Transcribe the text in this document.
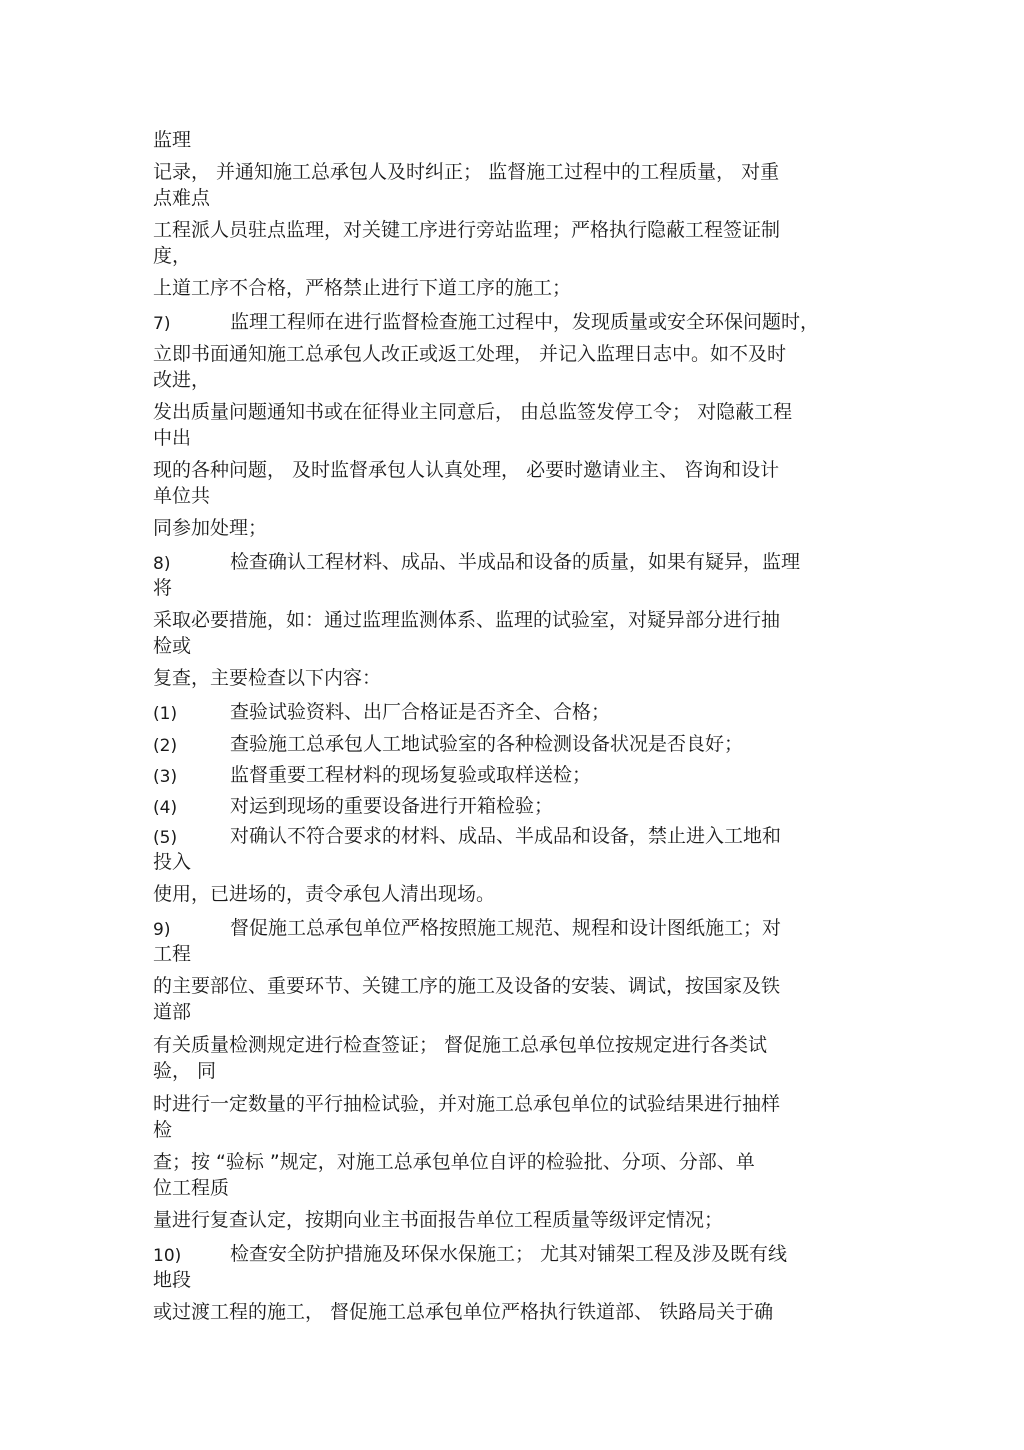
监理
记录， 并通知施工总承包人及时纠正； 监督施工过程中的工程质量， 对重
点难点
工程派人员驻点监理，对关键工序进行旁站监理；严格执行隐蔽工程签证制
度，
上道工序不合格，严格禁止进行下道工序的施工；
7)	监理工程师在进行监督检查施工过程中，发现质量或安全环保问题时，
立即书面通知施工总承包人改正或返工处理， 并记入监理日志中。如不及时
改进，
发出质量问题通知书或在征得业主同意后， 由总监签发停工令； 对隐蔽工程
中出
现的各种问题， 及时监督承包人认真处理， 必要时邀请业主、 咨询和设计
单位共
同参加处理；
8)	检查确认工程材料、成品、半成品和设备的质量，如果有疑异，监理
将
采取必要措施，如：通过监理监测体系、监理的试验室，对疑异部分进行抽
检或
复查，主要检查以下内容：
(1)	查验试验资料、出厂合格证是否齐全、合格；
(2)	查验施工总承包人工地试验室的各种检测设备状况是否良好；
(3)	监督重要工程材料的现场复验或取样送检；
(4)	对运到现场的重要设备进行开箱检验；
(5)	对确认不符合要求的材料、成品、半成品和设备，禁止进入工地和
投入
使用，已进场的，责令承包人清出现场。
9)	督促施工总承包单位严格按照施工规范、规程和设计图纸施工；对
工程
的主要部位、重要环节、关键工序的施工及设备的安装、调试，按国家及铁
道部
有关质量检测规定进行检查签证； 督促施工总承包单位按规定进行各类试
验， 同
时进行一定数量的平行抽检试验，并对施工总承包单位的试验结果进行抽样
检
查；按 “验标 ”规定，对施工总承包单位自评的检验批、分项、分部、单
位工程质
量进行复查认定，按期向业主书面报告单位工程质量等级评定情况；
10)	检查安全防护措施及环保水保施工； 尤其对铺架工程及涉及既有线
地段
或过渡工程的施工， 督促施工总承包单位严格执行铁道部、 铁路局关于确
